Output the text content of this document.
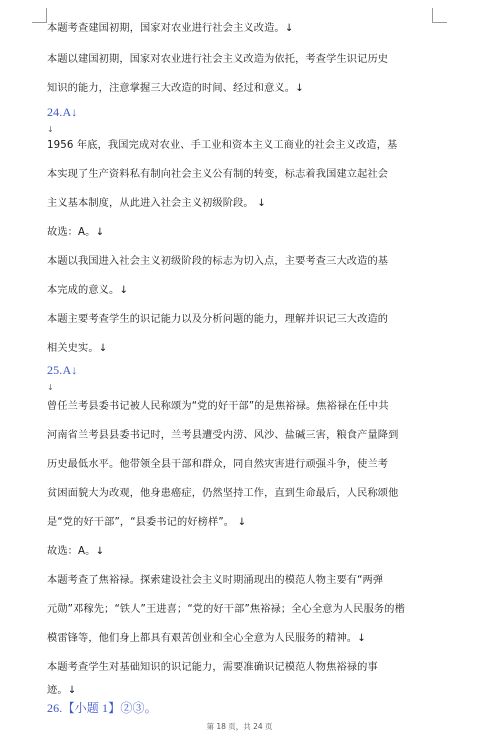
本题考查建国初期，国家对农业进行社会主义改造。↓
本题以建国初期，国家对农业进行社会主义改造为依托，考查学生识记历史
知识的能力，注意掌握三大改造的时间、经过和意义。↓
24.A↓
↓
1956 年底，我国完成对农业、手工业和资本主义工商业的社会主义改造，基
本实现了生产资料私有制向社会主义公有制的转变，标志着我国建立起社会
主义基本制度，从此进入社会主义初级阶段。 ↓
故选：A。↓
本题以我国进入社会主义初级阶段的标志为切入点，主要考查三大改造的基
本完成的意义。↓
本题主要考查学生的识记能力以及分析问题的能力，理解并识记三大改造的
相关史实。↓
25.A↓
↓
曾任兰考县委书记被人民称颂为“党的好干部”的是焦裕禄。焦裕禄在任中共
河南省兰考县县委书记时，兰考县遭受内涝、风沙、盐碱三害，粮食产量降到
历史最低水平。他带领全县干部和群众，同自然灾害进行顽强斗争，使兰考
贫困面貌大为改观，他身患癌症，仍然坚持工作，直到生命最后，人民称颂他
是“党的好干部”，“县委书记的好榜样”。 ↓
故选：A。↓
本题考查了焦裕禄。探索建设社会主义时期涌现出的模范人物主要有“两弹
元勋”邓稼先；“铁人”王进喜；“党的好干部”焦裕禄；全心全意为人民服务的楷
模雷锋等，他们身上都具有艰苦创业和全心全意为人民服务的精神。↓
本题考查学生对基础知识的识记能力，需要准确识记模范人物焦裕禄的事
迹。↓
26.【小题 1】②③。
第 18 页，共 24 页
